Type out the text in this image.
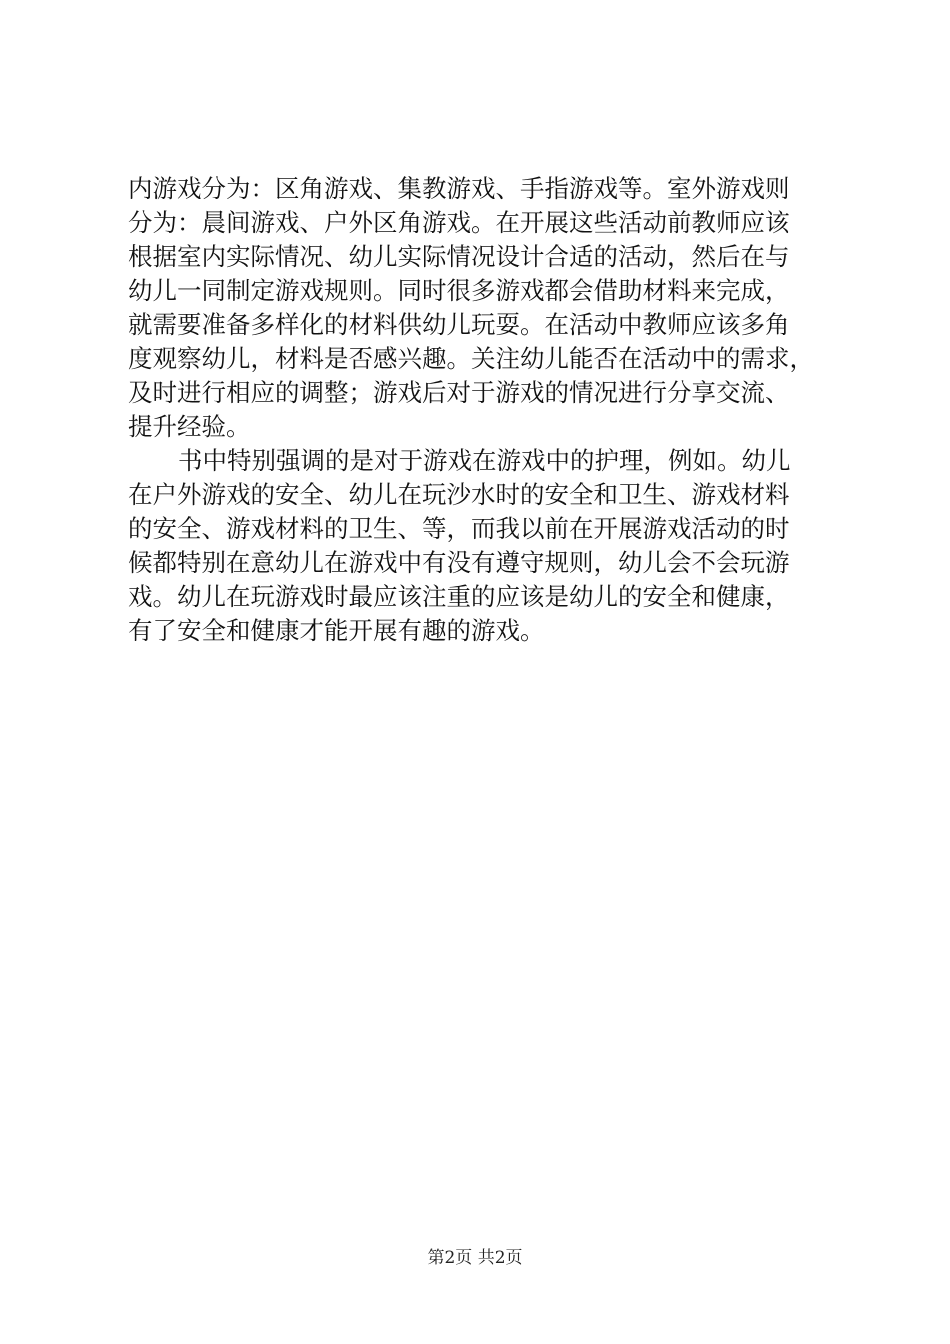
内游戏分为：区角游戏、集教游戏、手指游戏等。室外游戏则
分为：晨间游戏、户外区角游戏。在开展这些活动前教师应该
根据室内实际情况、幼儿实际情况设计合适的活动，然后在与
幼儿一同制定游戏规则。同时很多游戏都会借助材料来完成，
就需要准备多样化的材料供幼儿玩耍。在活动中教师应该多角
度观察幼儿，材料是否感兴趣。关注幼儿能否在活动中的需求，
及时进行相应的调整；游戏后对于游戏的情况进行分享交流、
提升经验。
书中特别强调的是对于游戏在游戏中的护理，例如。幼儿
在户外游戏的安全、幼儿在玩沙水时的安全和卫生、游戏材料
的安全、游戏材料的卫生、等，而我以前在开展游戏活动的时
候都特别在意幼儿在游戏中有没有遵守规则，幼儿会不会玩游
戏。幼儿在玩游戏时最应该注重的应该是幼儿的安全和健康，
有了安全和健康才能开展有趣的游戏。
第2页 共2页
